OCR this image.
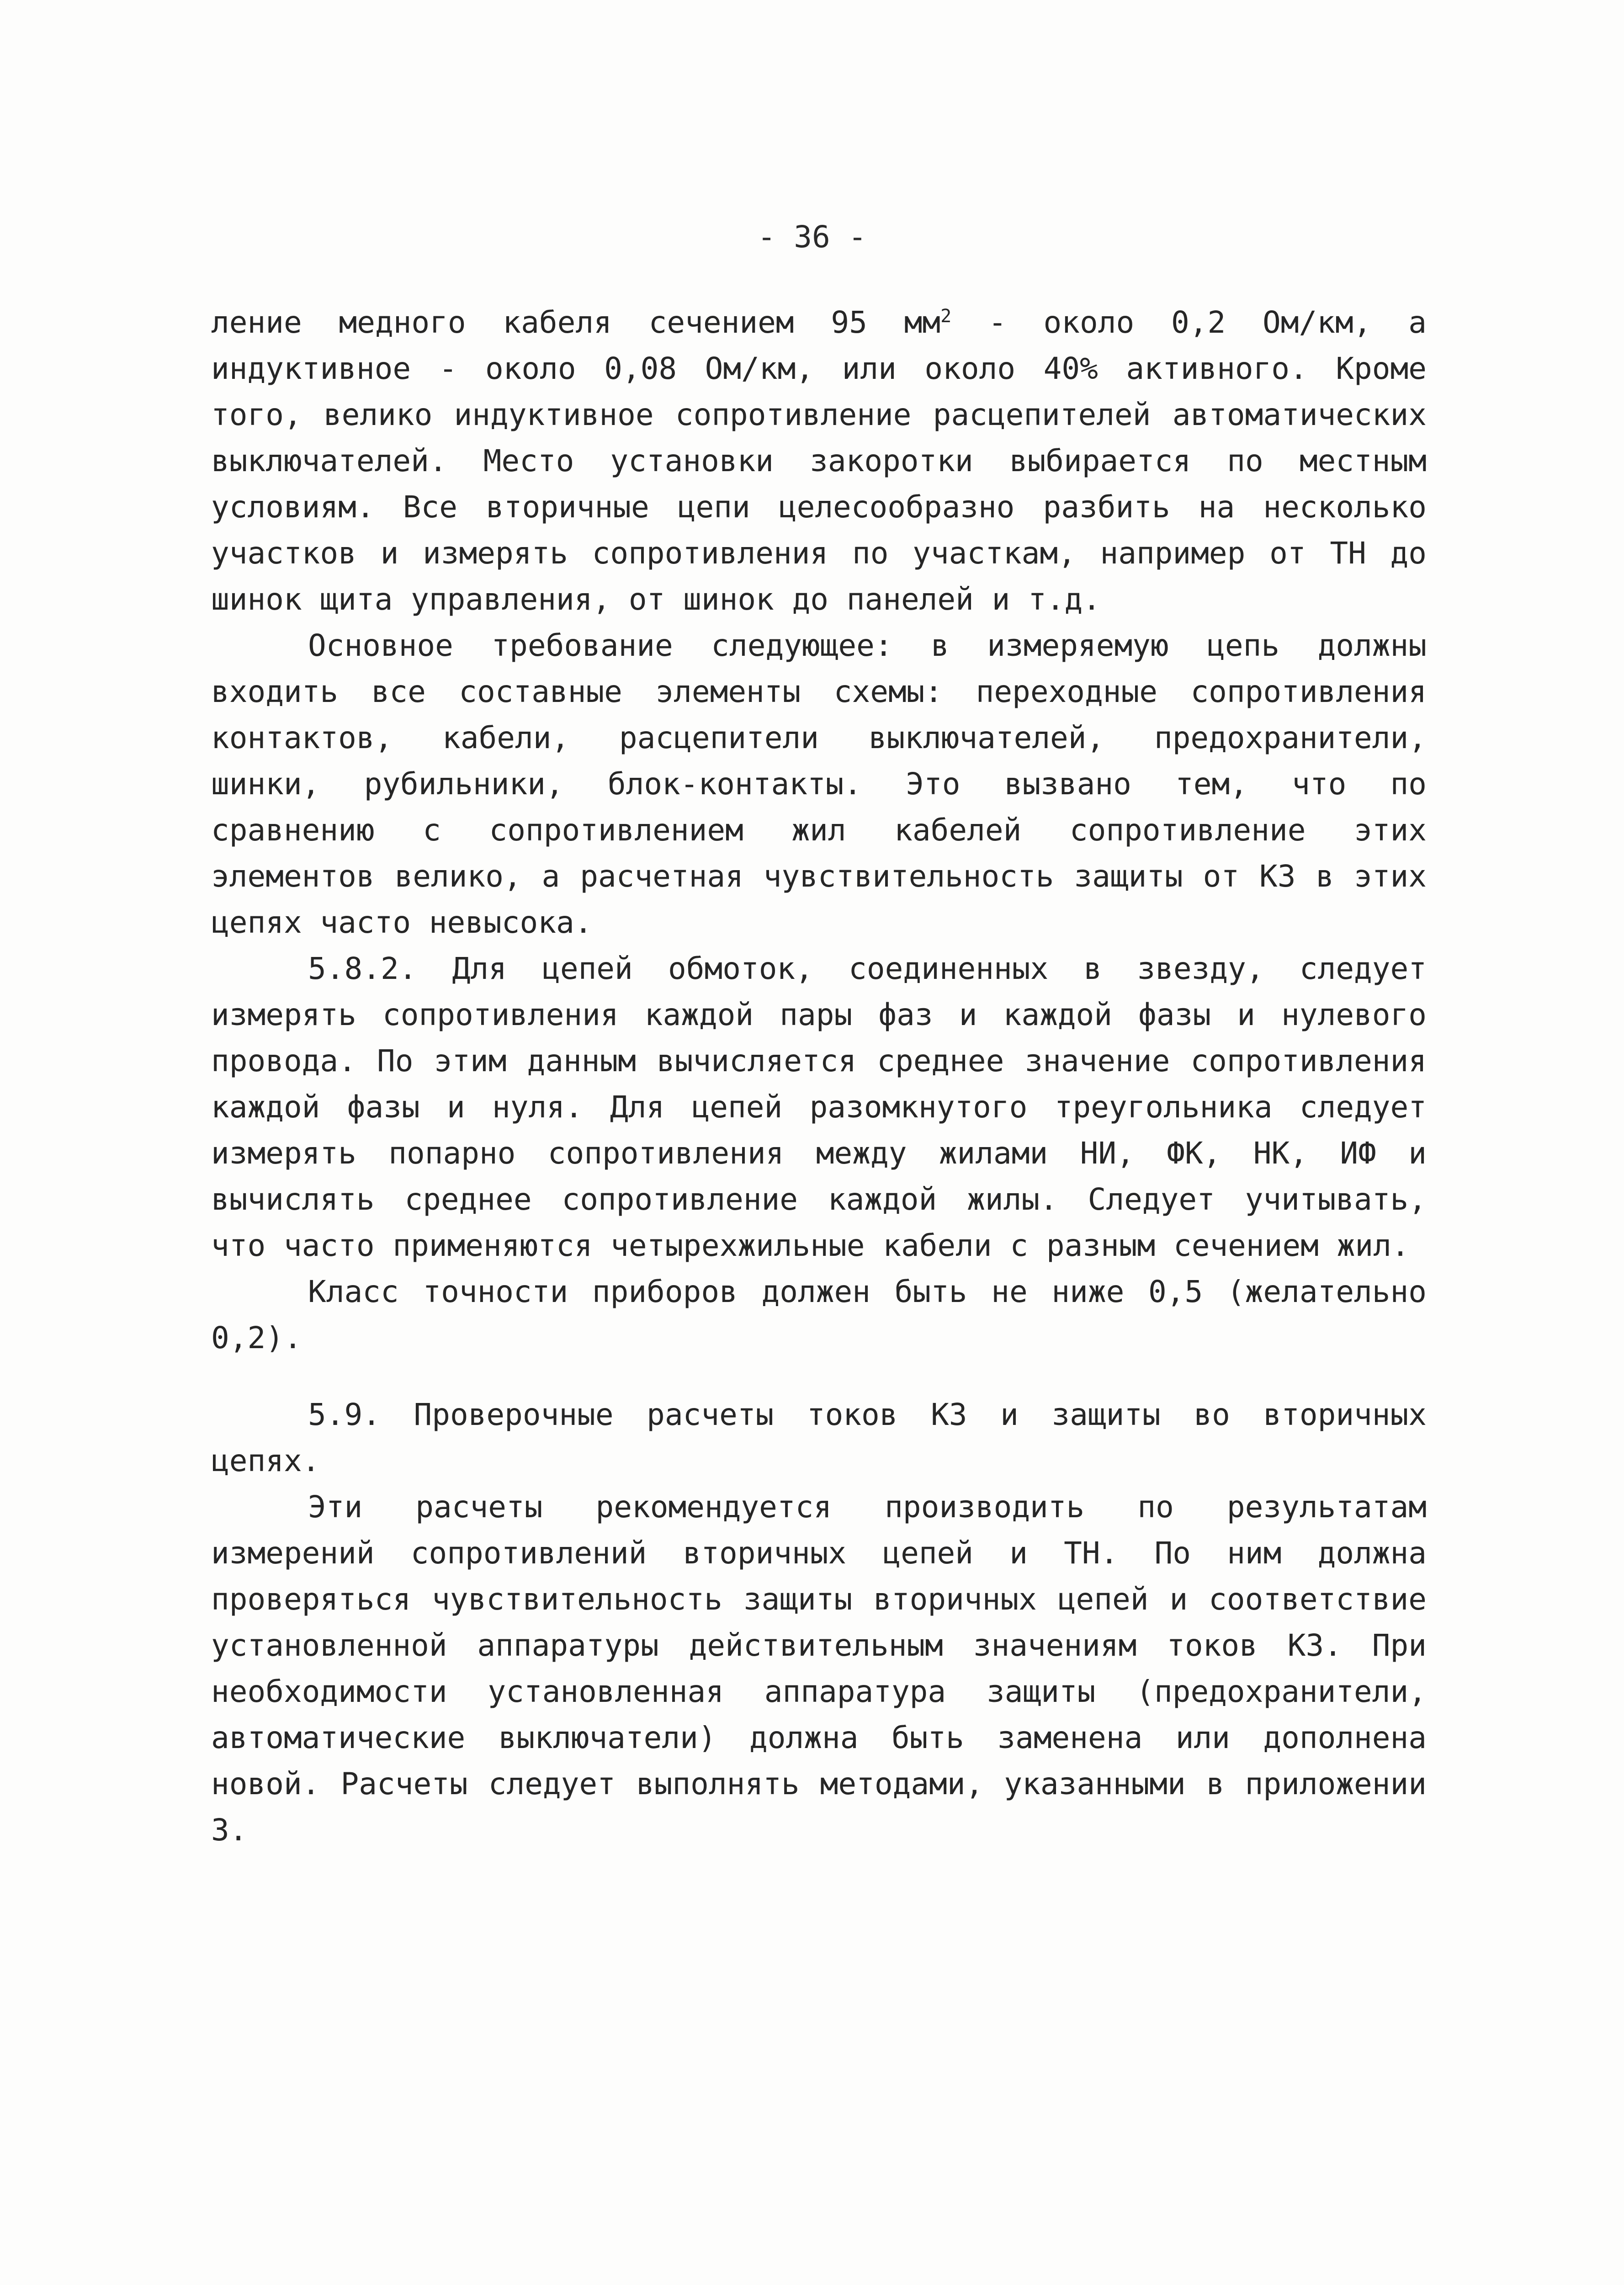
- 36 -

ление медного кабеля сечением 95 $мм^2$ - около 0,2 Ом/км, а индуктивное - около 0,08 Ом/км, или около 40% активного. Кроме того, велико индуктивное сопротивление расцепителей автоматических выключателей. Место установки закоротки выбирается по местным условиям. Все вторичные цепи целесообразно разбить на несколько участков и измерять сопротивления по участкам, например от ТН до шинок щита управления, от шинок до панелей и т.д.

Основное требование следующее: в измеряемую цепь должны входить все составные элементы схемы: переходные сопротивления контактов, кабели, расцепители выключателей, предохранители, шинки, рубильники, блок-контакты. Это вызвано тем, что по сравнению с сопротивлением жил кабелей сопротивление этих элементов велико, а расчетная чувствительность защиты от КЗ в этих цепях часто невысока.

5.8.2. Для цепей обмоток, соединенных в звезду, следует измерять сопротивления каждой пары фаз и каждой фазы и нулевого провода. По этим данным вычисляется среднее значение сопротивления каждой фазы и нуля. Для цепей разомкнутого треугольника следует измерять попарно сопротивления между жилами НИ, ФК, НК, ИФ и вычислять среднее сопротивление каждой жилы. Следует учитывать, что часто применяются четырехжильные кабели с разным сечением жил.

Класс точности приборов должен быть не ниже 0,5 (желательно 0,2).

5.9. Проверочные расчеты токов КЗ и защиты во вторичных цепях.

Эти расчеты рекомендуется производить по результатам измерений сопротивлений вторичных цепей и ТН. По ним должна проверяться чувствительность защиты вторичных цепей и соответствие установленной аппаратуры действительным значениям токов КЗ. При необходимости установленная аппаратура защиты (предохранители, автоматические выключатели) должна быть заменена или дополнена новой. Расчеты следует выполнять методами, указанными в приложении 3.
